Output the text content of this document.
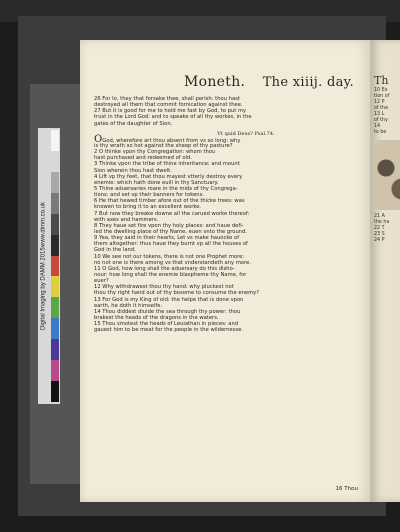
Digital Imaging by DAMM 2015
www.dimm.co.uk
Moneth. The xiiij. day.
26 For lo, they that forsake thee, shall perish: thou hast
destroyed all them that commit fornication against thee.
27 But it is good for me to hold me fast by God, to put my
trust in the Lord God: and to speake of all thy workes, in the
gates of the daughter of Sion.
Vt quid Deus? Psal.74.
OGod, wherefore art thou absent from vs so long: why
is thy wrath so hot against the sheep of thy pasture?
2 O thinke vpon thy Congregation: whom thou
hast purchased and redeemed of old.
3 Thinke vpon the tribe of thine inheritance: and mount
Sion wherein thou hast dwelt.
4 Lift vp thy feet, that thou mayest vtterly destroy every
enemie: which hath done euill in thy Sanctuary.
5 Thine aduersaries roare in the mids of thy Congrega-
tions: and set vp their banners for tokens.
6 He that hewed timber afore out of the thicke trees: was
knowen to bring it to an excellent worke.
7 But now they breake downe all the carued worke thereof:
with axes and hammers.
8 They haue set fire vpon thy holy places: and haue defi-
led the dwelling place of thy Name, euen vnto the ground.
9 Yea, they said in their hearts, Let vs make hauocke of
them altogether: thus haue they burnt vp all the houses of
God in the land.
10 We see not our tokens, there is not one Prophet more:
no not one is there among vs that vnderstandeth any more.
11 O God, how long shall the aduersary do this disho-
nour: how long shall the enemie blaspheme thy Name, for
euer?
12 Why withdrawest thou thy hand: why pluckest not
thou thy right hand out of thy bosome to consume the enemy?
13 For God is my King of old: the helpe that is done vpon
earth, he doth it himselfe.
14 Thou diddest diuide the sea through thy power: thou
brakest the heads of the dragons in the waters.
15 Thou smotest the heads of Leuiathan in pieces: and
gauest him to be meat for the people in the wildernesse.
16 Thou
Th
10 Ex
tion of
12 P
of the
13 L
of thy
14
to be
21 A
the ha
22 T
23 S
24 P
